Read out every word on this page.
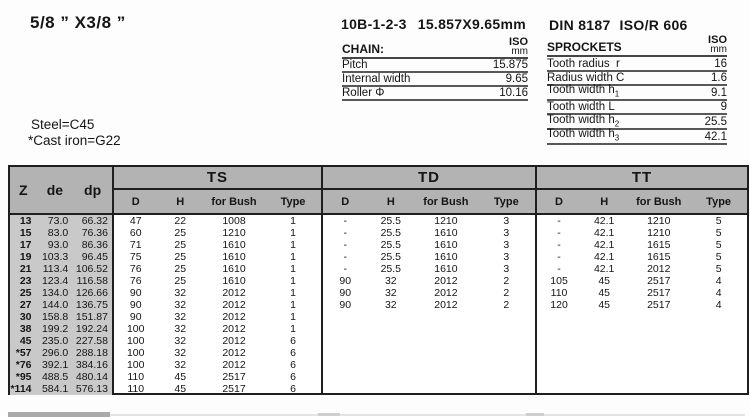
5/8 ” X3/8 ”	10B-1-2-3 15.857X9.65mm DIN 8187 ISO/R 606
Steel=C45
*Cast iron=G22
CHAIN:	ISO
mm
Pitch	15.875
Internal width	9.65
Roller Φ	10.16
SPROCKETS	ISO
mm
Tooth radius  r	16
Radius width C	1.6
Tooth width $h_1$	9.1
Tooth width L	9
Tooth width $h_2$	25.5
Tooth width $h_3$	42.1
Z	de	dp
TS
D	H	for Bush	Type
TD
D	H	for Bush	Type
TT
D	H	for Bush	Type
13	73.0	66.32	47	22	1008	1	-	25.5	1210	3	-	42.1	1210	5
15	83.0	76.36	60	25	1210	1	-	25.5	1610	3	-	42.1	1210	5
17	93.0	86.36	71	25	1610	1	-	25.5	1610	3	-	42.1	1615	5
19 103.3	96.45	75	25	1610	1	-	25.5	1610	3	-	42.1	1615	5
21	113.4 106.52	76	25	1610	1	-	25.5	1610	3	-	42.1	2012	5
23 123.4 116.58	76	25	1610	1	90	32	2012	2	105	45	2517	4
25 134.0 126.66	90	32	2012	1	90	32	2012	2	110	45	2517	4
27 144.0 136.75	90	32	2012	1	90	32	2012	2	120	45	2517	4
30 158.8 151.87	90	32	2012	1
38 199.2 192.24	100	32	2012	1
45 235.0 227.58	100	32	2012	6
*57 296.0 288.18	100	32	2012	6
*76 392.1 384.16	100	32	2012	6
*95 488.5 480.14	110	45	2517	6
*114 584.1 576.13	110	45	2517	6
